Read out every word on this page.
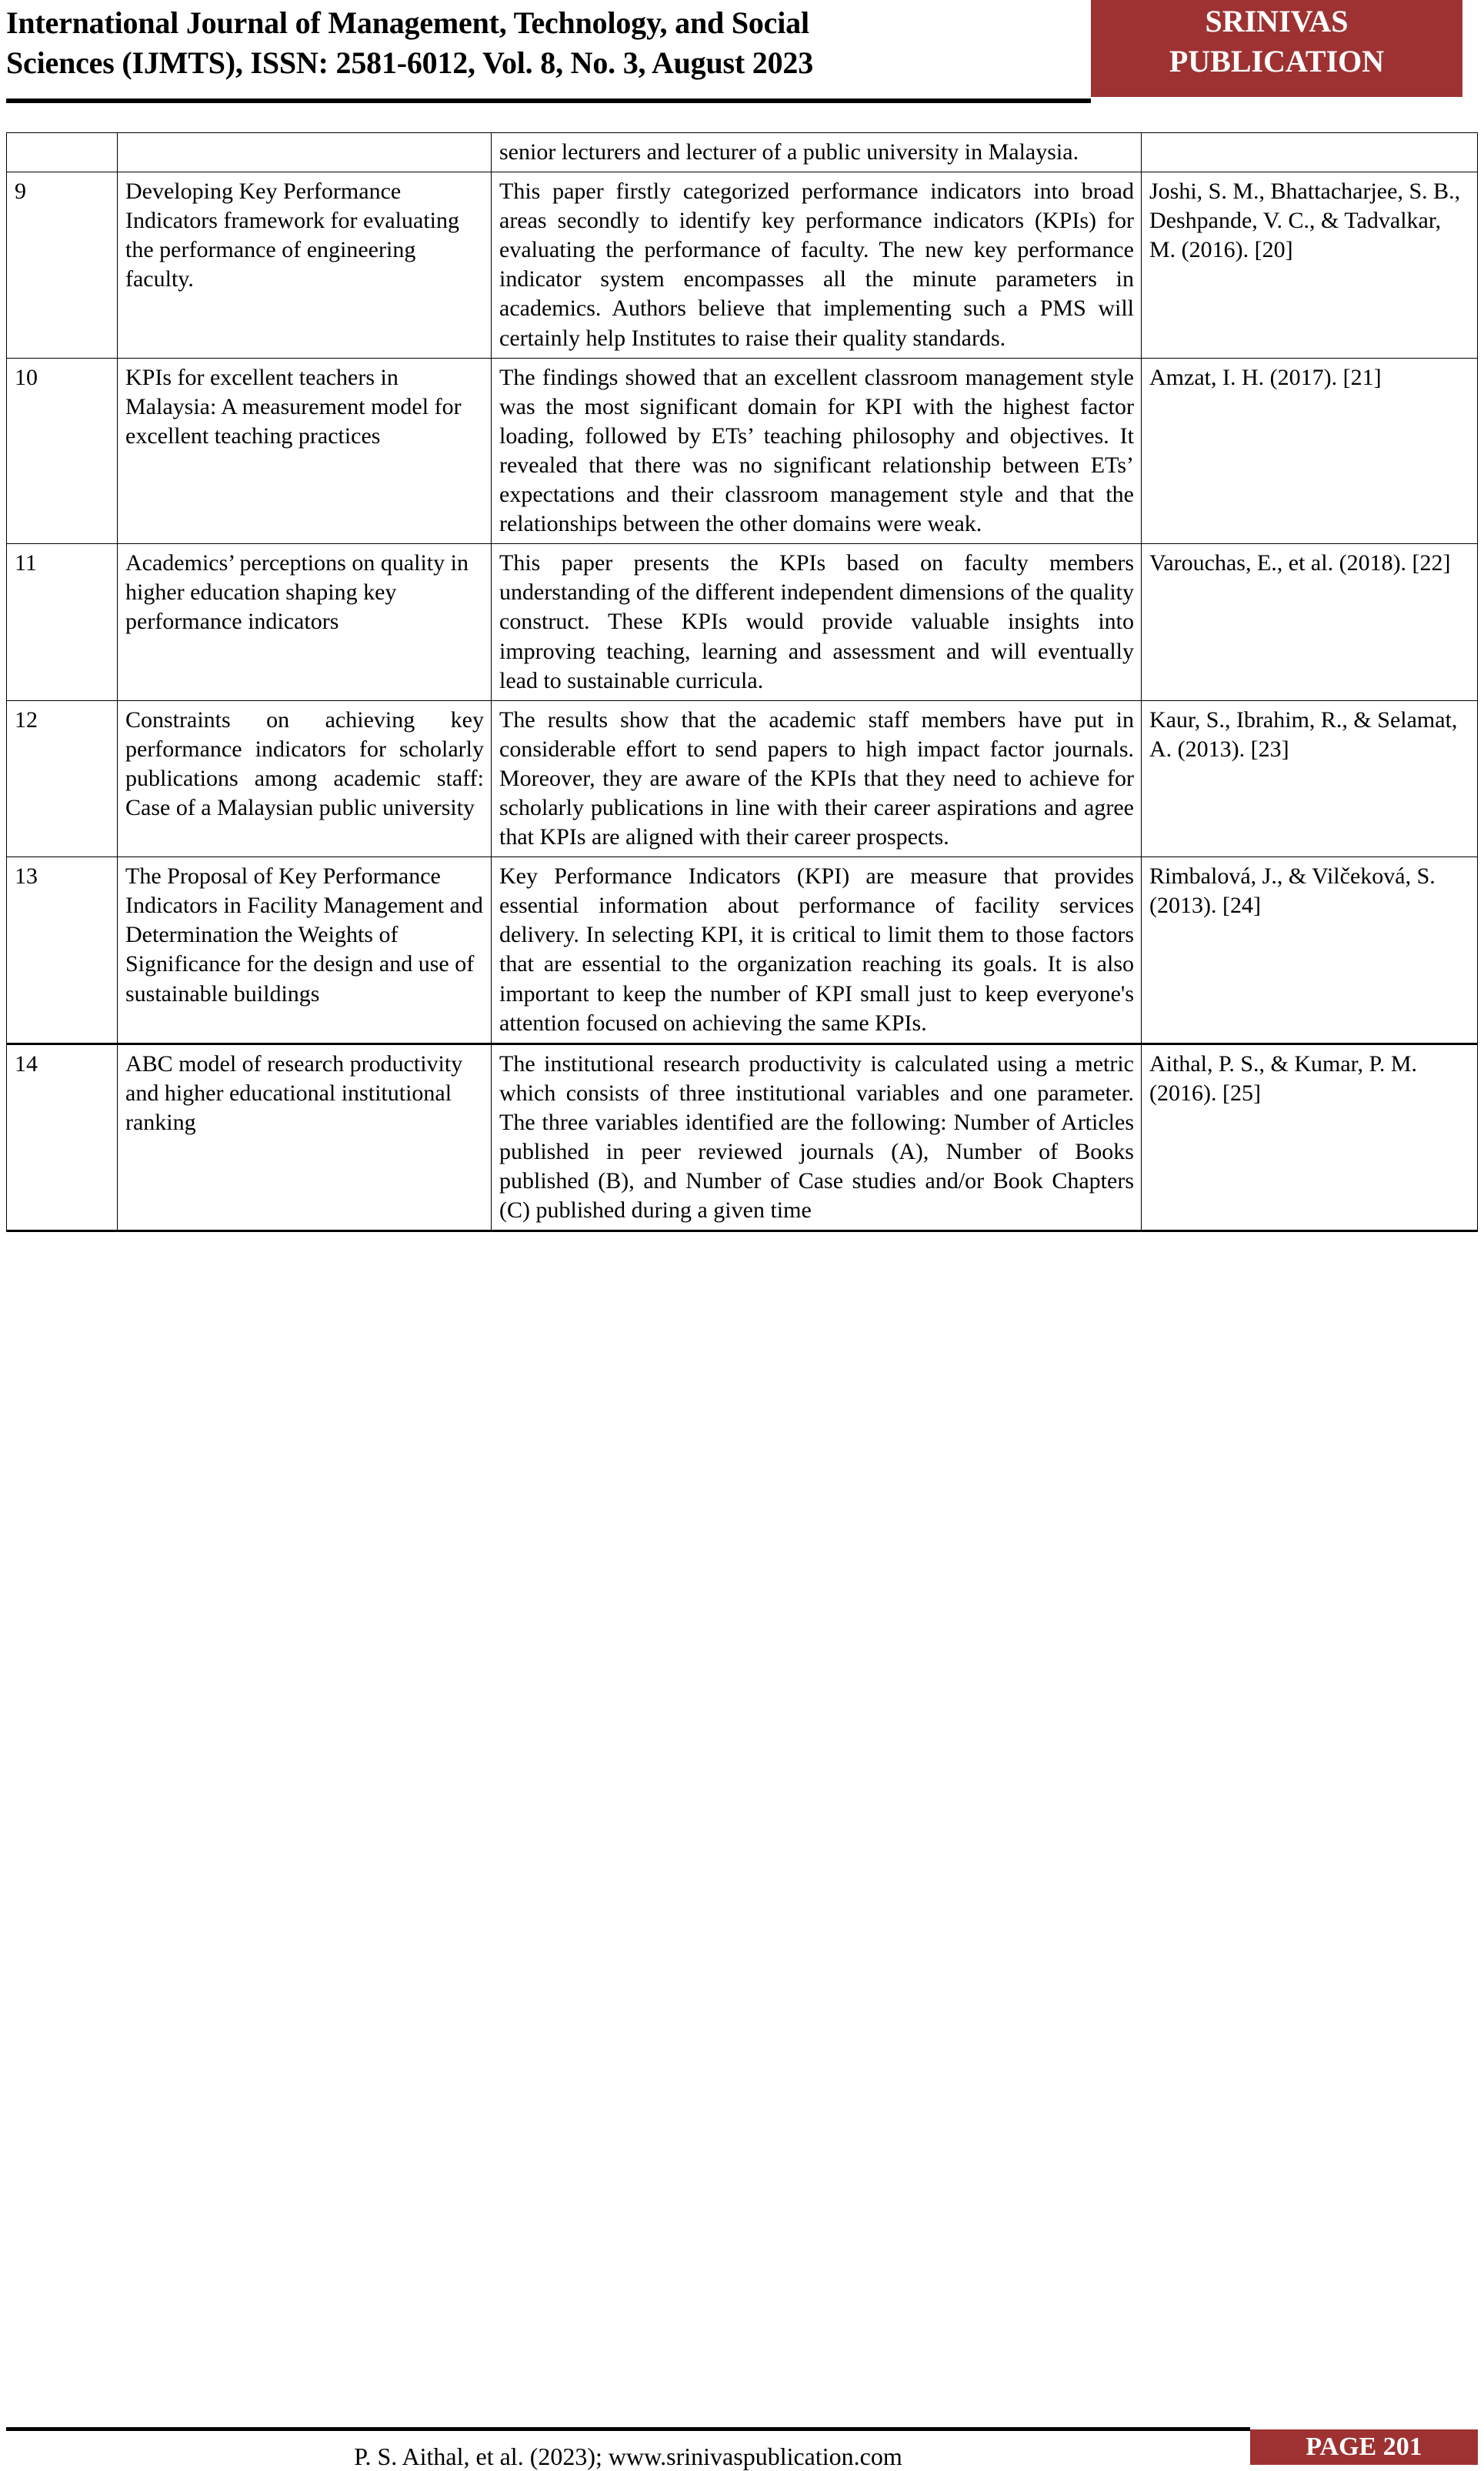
International Journal of Management, Technology, and Social
Sciences (IJMTS), ISSN: 2581-6012, Vol. 8, No. 3, August 2023
SRINIVAS
PUBLICATION
		senior lecturers and lecturer of a public university in Malaysia.	
9	Developing Key Performance Indicators framework for evaluating the performance of engineering faculty.	This paper firstly categorized performance indicators into broad areas secondly to identify key performance indicators (KPIs) for evaluating the performance of faculty. The new key performance indicator system encompasses all the minute parameters in academics. Authors believe that implementing such a PMS will certainly help Institutes to raise their quality standards.	Joshi, S. M., Bhattacharjee, S. B., Deshpande, V. C., & Tadvalkar, M. (2016). [20]
10	KPIs for excellent teachers in Malaysia: A measurement model for excellent teaching practices	The findings showed that an excellent classroom management style was the most significant domain for KPI with the highest factor loading, followed by ETs’ teaching philosophy and objectives. It revealed that there was no significant relationship between ETs’ expectations and their classroom management style and that the relationships between the other domains were weak.	Amzat, I. H. (2017). [21]
11	Academics’ perceptions on quality in higher education shaping key performance indicators	This paper presents the KPIs based on faculty members understanding of the different independent dimensions of the quality construct. These KPIs would provide valuable insights into improving teaching, learning and assessment and will eventually lead to sustainable curricula.	Varouchas, E., et al. (2018). [22]
12	Constraints on achieving key performance indicators for scholarly publications among academic staff: Case of a Malaysian public university	The results show that the academic staff members have put in considerable effort to send papers to high impact factor journals. Moreover, they are aware of the KPIs that they need to achieve for scholarly publications in line with their career aspirations and agree that KPIs are aligned with their career prospects.	Kaur, S., Ibrahim, R., & Selamat, A. (2013). [23]
13	The Proposal of Key Performance Indicators in Facility Management and Determination the Weights of Significance for the design and use of sustainable buildings	Key Performance Indicators (KPI) are measure that provides essential information about performance of facility services delivery. In selecting KPI, it is critical to limit them to those factors that are essential to the organization reaching its goals. It is also important to keep the number of KPI small just to keep everyone's attention focused on achieving the same KPIs.	Rimbalová, J., & Vilčeková, S. (2013). [24]
14	ABC model of research productivity and higher educational institutional ranking	The institutional research productivity is calculated using a metric which consists of three institutional variables and one parameter. The three variables identified are the following: Number of Articles published in peer reviewed journals (A), Number of Books published (B), and Number of Case studies and/or Book Chapters (C) published during a given time	Aithal, P. S., & Kumar, P. M. (2016). [25]
P. S. Aithal, et al. (2023); www.srinivaspublication.com	PAGE 201
